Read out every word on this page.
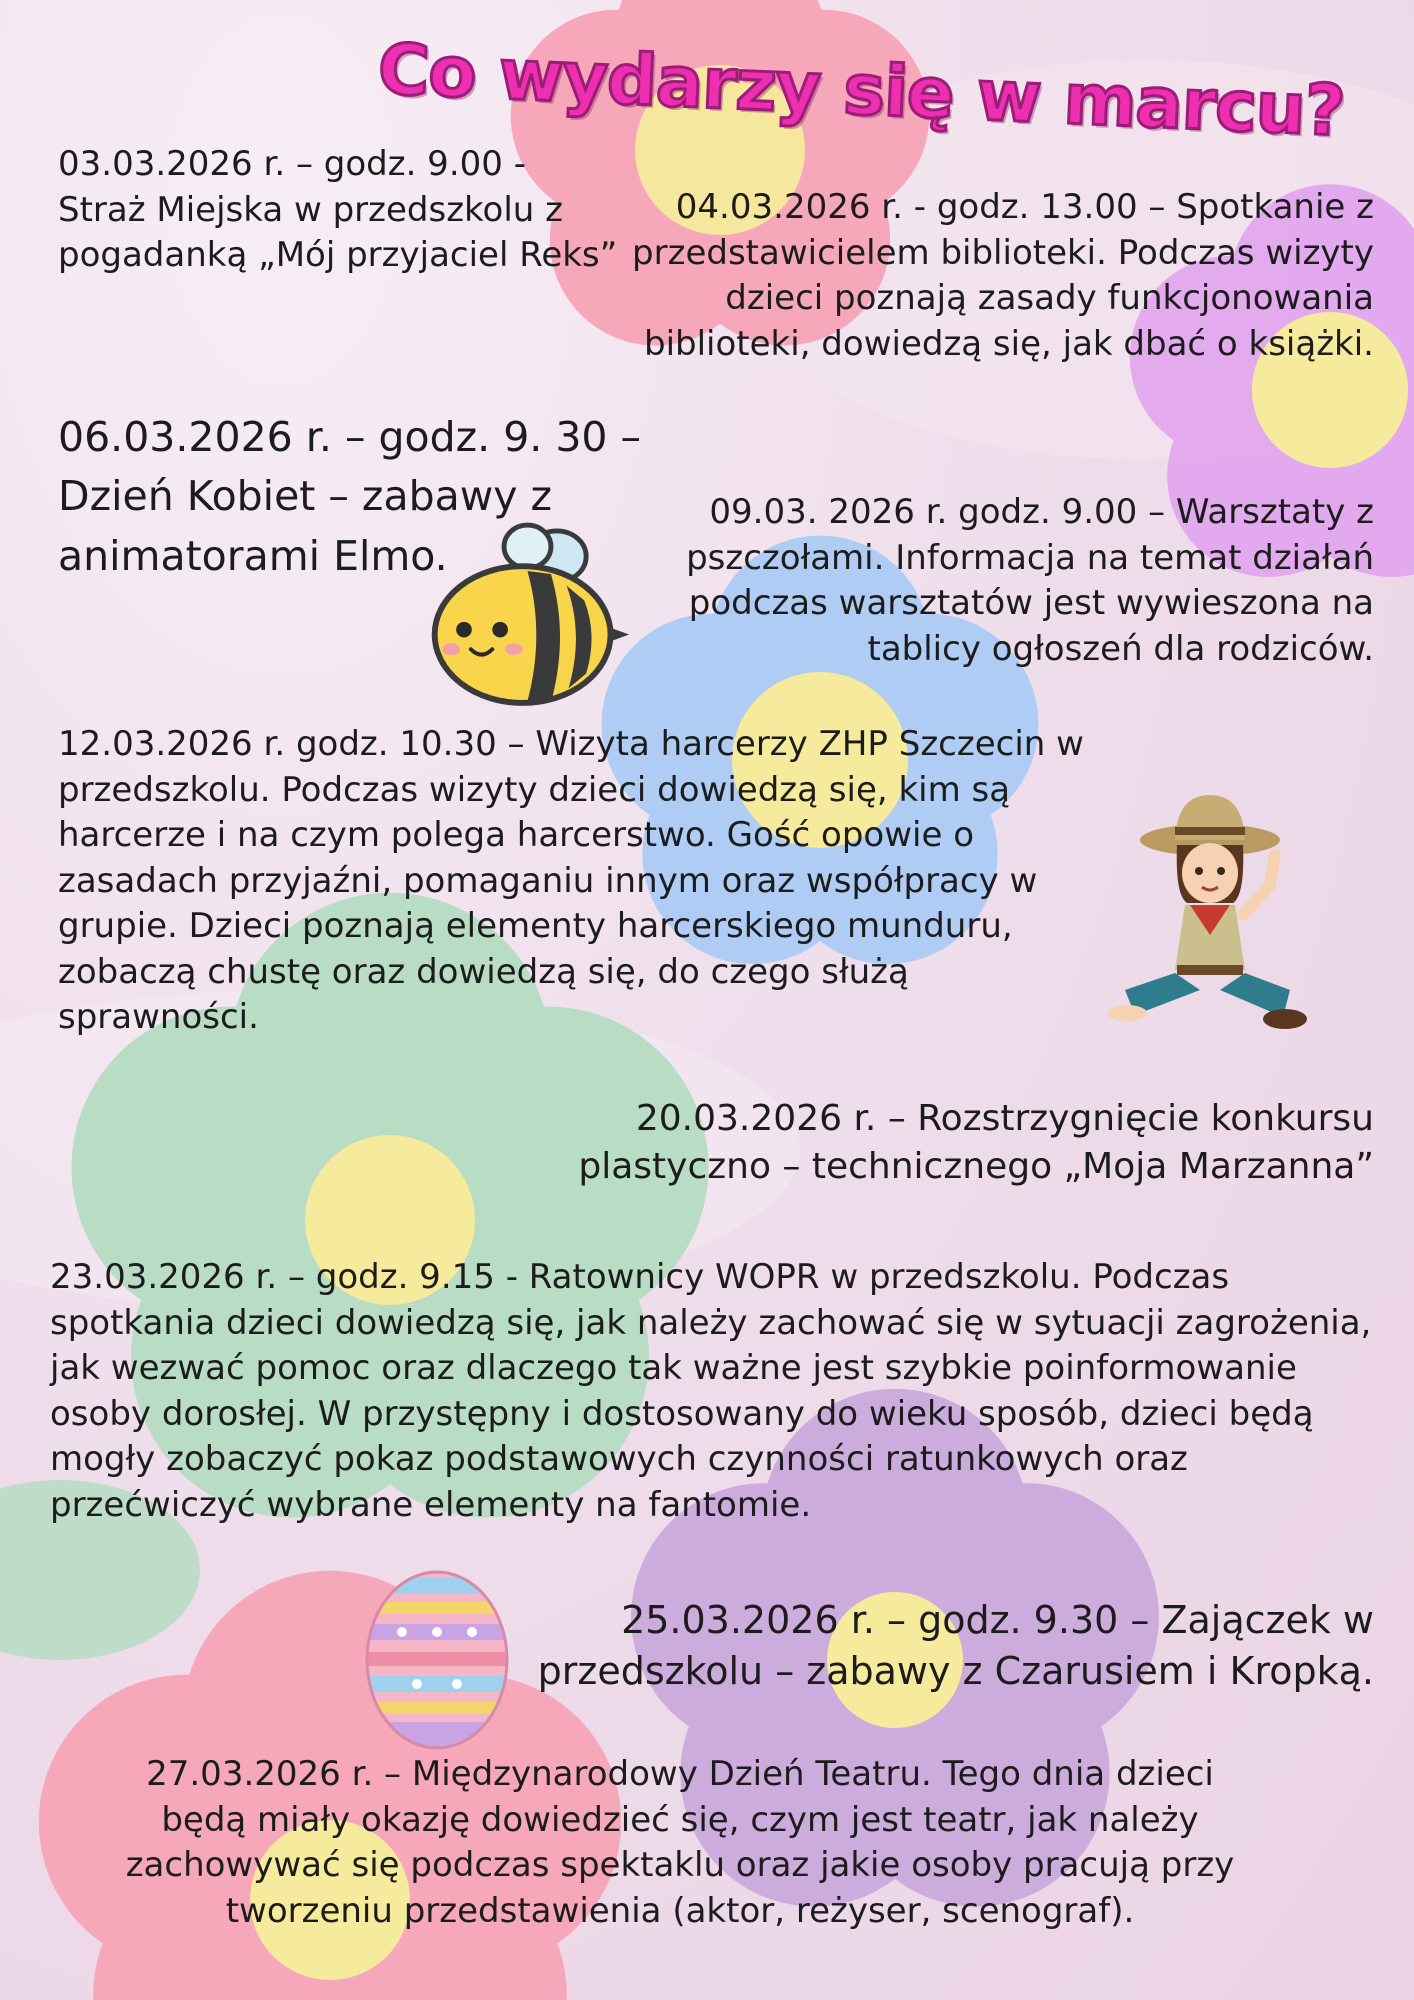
Co wydarzy się w marcu?

03.03.2026 r. – godz. 9.00 - Straż Miejska w przedszkolu z pogadanką „Mój przyjaciel Reks”

04.03.2026 r. - godz. 13.00 – Spotkanie z przedstawicielem biblioteki. Podczas wizyty dzieci poznają zasady funkcjonowania biblioteki, dowiedzą się, jak dbać o książki.

06.03.2026 r. – godz. 9. 30 – Dzień Kobiet – zabawy z animatorami Elmo.

09.03. 2026 r. godz. 9.00 – Warsztaty z pszczołami. Informacja na temat działań podczas warsztatów jest wywieszona na tablicy ogłoszeń dla rodziców.

12.03.2026 r. godz. 10.30 – Wizyta harcerzy ZHP Szczecin w przedszkolu. Podczas wizyty dzieci dowiedzą się, kim są harcerze i na czym polega harcerstwo. Gość opowie o zasadach przyjaźni, pomaganiu innym oraz współpracy w grupie. Dzieci poznają elementy harcerskiego munduru, zobaczą chustę oraz dowiedzą się, do czego służą sprawności.

20.03.2026 r. – Rozstrzygnięcie konkursu plastyczno – technicznego „Moja Marzanna”

23.03.2026 r. – godz. 9.15 - Ratownicy WOPR w przedszkolu. Podczas spotkania dzieci dowiedzą się, jak należy zachować się w sytuacji zagrożenia, jak wezwać pomoc oraz dlaczego tak ważne jest szybkie poinformowanie osoby dorosłej. W przystępny i dostosowany do wieku sposób, dzieci będą mogły zobaczyć pokaz podstawowych czynności ratunkowych oraz przećwiczyć wybrane elementy na fantomie.

25.03.2026 r. – godz. 9.30 – Zajączek w przedszkolu – zabawy z Czarusiem i Kropką.

27.03.2026 r. – Międzynarodowy Dzień Teatru. Tego dnia dzieci będą miały okazję dowiedzieć się, czym jest teatr, jak należy zachowywać się podczas spektaklu oraz jakie osoby pracują przy tworzeniu przedstawienia (aktor, reżyser, scenograf).
